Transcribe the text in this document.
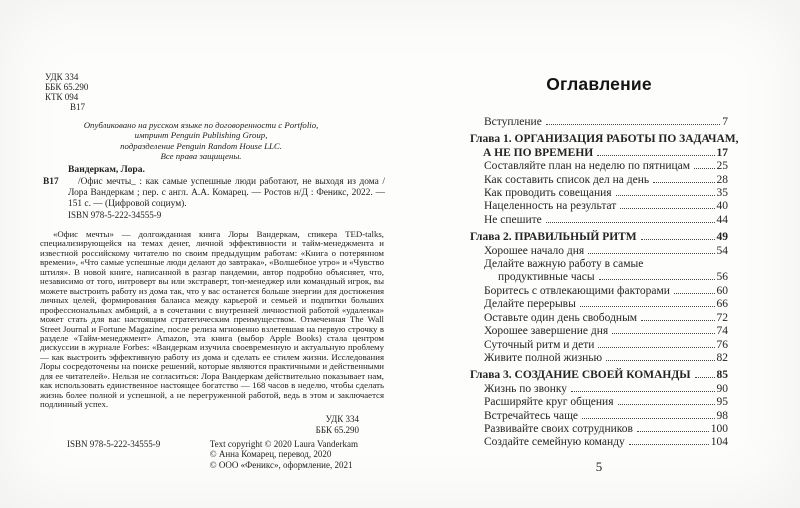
УДК 334
ББК 65.290
КТК 094
В17
Опубликовано на русском языке по договоренности с Portfolio,
импринт Penguin Publishing Group,
подразделение Penguin Random House LLC.
Все права защищены.
Вандеркам, Лора.
В17	/Офис мечты_ : как самые успешные люди работают, не выходя из дома / Лора Вандеркам ; пер. с англ. А.А. Комарец. — Ростов н/Д : Феникс, 2022. — 151 с. — (Цифровой социум).

ISBN 978-5-222-34555-9

«Офис мечты» — долгожданная книга Лоры Вандеркам, спикера TED-talks, специализирующейся на темах денег, личной эффективности и тайм-менеджмента и известной российскому читателю по своим предыдущим работам: «Книга о потерянном времени», «Что самые успешные люди делают до завтрака», «Волшебное утро» и «Чувство штиля». В новой книге, написанной в разгар пандемии, автор подробно объясняет, что, независимо от того, интроверт вы или экстраверт, топ-менеджер или командный игрок, вы можете выстроить работу из дома так, что у вас останется больше энергии для достижения личных целей, формирования баланса между карьерой и семьей и подпитки больших профессиональных амбиций, а в сочетании с внутренней личностной работой «удаленка» может стать для вас настоящим стратегическим преимуществом. Отмеченная The Wall Street Journal и Fortune Magazine, после релиза мгновенно взлетевшая на первую строчку в разделе «Тайм-менеджмент» Amazon, эта книга (выбор Apple Books) стала центром дискуссии в журнале Forbes: «Вандеркам изучила своевременную и актуальную проблему — как выстроить эффективную работу из дома и сделать ее стилем жизни. Исследования Лоры сосредоточены на поиске решений, которые являются практичными и действенными для ее читателей». Нельзя не согласиться: Лора Вандеркам действительно показывает нам, как использовать единственное настоящее богатство — 168 часов в неделю, чтобы сделать жизнь более полной и успешной, а не перегруженной работой, ведь в этом и заключается подлинный успех.

УДК 334
ББК 65.290
ISBN 978-5-222-34555-9	Text copyright © 2020 Laura Vanderkam
© Анна Комарец, перевод, 2020
© ООО «Феникс», оформление, 2021
Оглавление
Вступление	7
Глава 1. ОРГАНИЗАЦИЯ РАБОТЫ ПО ЗАДАЧАМ,
А НЕ ПО ВРЕМЕНИ	17
Составляйте план на неделю по пятницам 25
Как составить список дел на день	28
Как проводить совещания	35
Нацеленность на результат	40
Не спешите	44
Глава 2. ПРАВИЛЬНЫЙ РИТМ	49
Хорошее начало дня	54
Делайте важную работу в самые
продуктивные часы	56
Боритесь с отвлекающими факторами	60
Делайте перерывы	66
Оставьте один день свободным	72
Хорошее завершение дня	74
Суточный ритм и дети	76
Живите полной жизнью	82
Глава 3. СОЗДАНИЕ СВОЕЙ КОМАНДЫ 85
Жизнь по звонку	90
Расширяйте круг общения	95
Встречайтесь чаще	98
Развивайте своих сотрудников	100
Создайте семейную команду	104
5
